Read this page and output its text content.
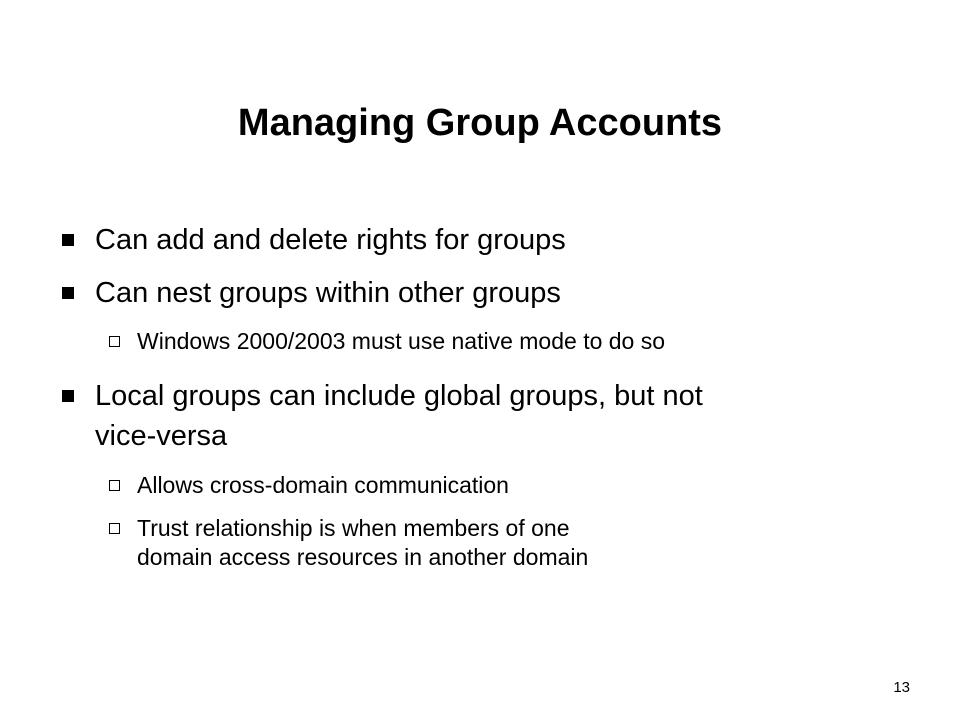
Managing Group Accounts
Can add and delete rights for groups
Can nest groups within other groups
Windows 2000/2003 must use native mode to do so
Local groups can include global groups, but not
vice-versa
Allows cross-domain communication
Trust relationship is when members of one
domain access resources in another domain
13
